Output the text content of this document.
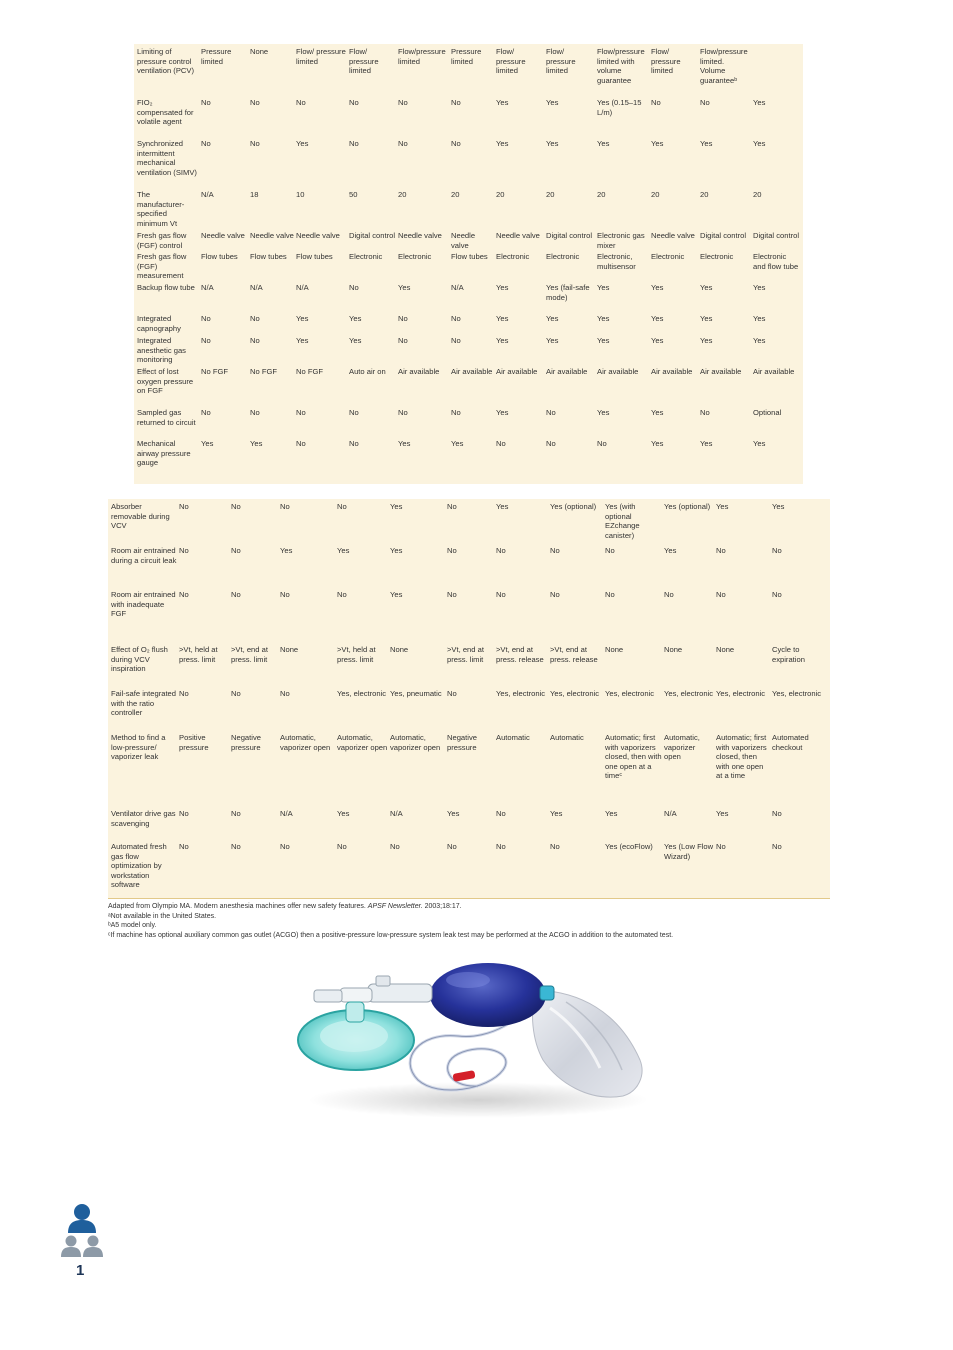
Limiting of pressure control ventilation (PCV)	Pressure limited	None	Flow/ pressure limited	Flow/ pressure limited	Flow/pressure limited	Pressure limited	Flow/ pressure limited	Flow/ pressure limited	Flow/pressure limited with volume guarantee	Flow/ pressure limited	Flow/pressure limited. Volume guaranteeᵇ	
FIO₂ compensated for volatile agent	No	No	No	No	No	No	Yes	Yes	Yes (0.15–15 L/m)	No	No	Yes
Synchronized intermittent mechanical ventilation (SIMV)	No	No	Yes	No	No	No	Yes	Yes	Yes	Yes	Yes	Yes
The manufacturer-specified minimum Vt	N/A	18	10	50	20	20	20	20	20	20	20	20
Fresh gas flow (FGF) control	Needle valve	Needle valve	Needle valve	Digital control	Needle valve	Needle valve	Needle valve	Digital control	Electronic gas mixer	Needle valve	Digital control	Digital control
Fresh gas flow (FGF) measurement	Flow tubes	Flow tubes	Flow tubes	Electronic	Electronic	Flow tubes	Electronic	Electronic	Electronic, multisensor	Electronic	Electronic	Electronic and flow tube
Backup flow tube	N/A	N/A	N/A	No	Yes	N/A	Yes	Yes (fail-safe mode)	Yes	Yes	Yes	Yes
Integrated capnography	No	No	Yes	Yes	No	No	Yes	Yes	Yes	Yes	Yes	Yes
Integrated anesthetic gas monitoring	No	No	Yes	Yes	No	No	Yes	Yes	Yes	Yes	Yes	Yes
Effect of lost oxygen pressure on FGF	No FGF	No FGF	No FGF	Auto air on	Air available	Air available	Air available	Air available	Air available	Air available	Air available	Air available
Sampled gas returned to circuit	No	No	No	No	No	No	Yes	No	Yes	Yes	No	Optional
Mechanical airway pressure gauge	Yes	Yes	No	No	Yes	Yes	No	No	No	Yes	Yes	Yes
Absorber removable during VCV	No	No	No	No	Yes	No	Yes	Yes (optional)	Yes (with optional EZchange canister)	Yes (optional)	Yes	Yes
Room air entrained during a circuit leak	No	No	Yes	Yes	Yes	No	No	No	No	Yes	No	No
Room air entrained with inadequate FGF	No	No	No	No	Yes	No	No	No	No	No	No	No
Effect of O₂ flush during VCV inspiration	>Vt, held at press. limit	>Vt, end at press. limit	None	>Vt, held at press. limit	None	>Vt, end at press. limit	>Vt, end at press. release	>Vt, end at press. release	None	None	None	Cycle to expiration
Fail-safe integrated with the ratio controller	No	No	No	Yes, electronic	Yes, pneumatic	No	Yes, electronic	Yes, electronic	Yes, electronic	Yes, electronic	Yes, electronic	Yes, electronic
Method to find a low-pressure/ vaporizer leak	Positive pressure	Negative pressure	Automatic, vaporizer open	Automatic, vaporizer open	Automatic, vaporizer open	Negative pressure	Automatic	Automatic	Automatic; first with vaporizers closed, then with one open at a timeᶜ	Automatic, vaporizer open	Automatic; first with vaporizers closed, then with one open at a time	Automated checkout
Ventilator drive gas scavenging	No	No	N/A	Yes	N/A	Yes	No	Yes	Yes	N/A	Yes	No
Automated fresh gas flow optimization by workstation software	No	No	No	No	No	No	No	No	Yes (ecoFlow)	Yes (Low Flow Wizard)	No	No

Adapted from Olympio MA. Modern anesthesia machines offer new safety features. APSF Newsletter. 2003;18:17.

ᵃNot available in the United States.

ᵇA5 model only.

ᶜIf machine has optional auxiliary common gas outlet (ACGO) then a positive-pressure low-pressure system leak test may be performed at the ACGO in addition to the automated test.

1
